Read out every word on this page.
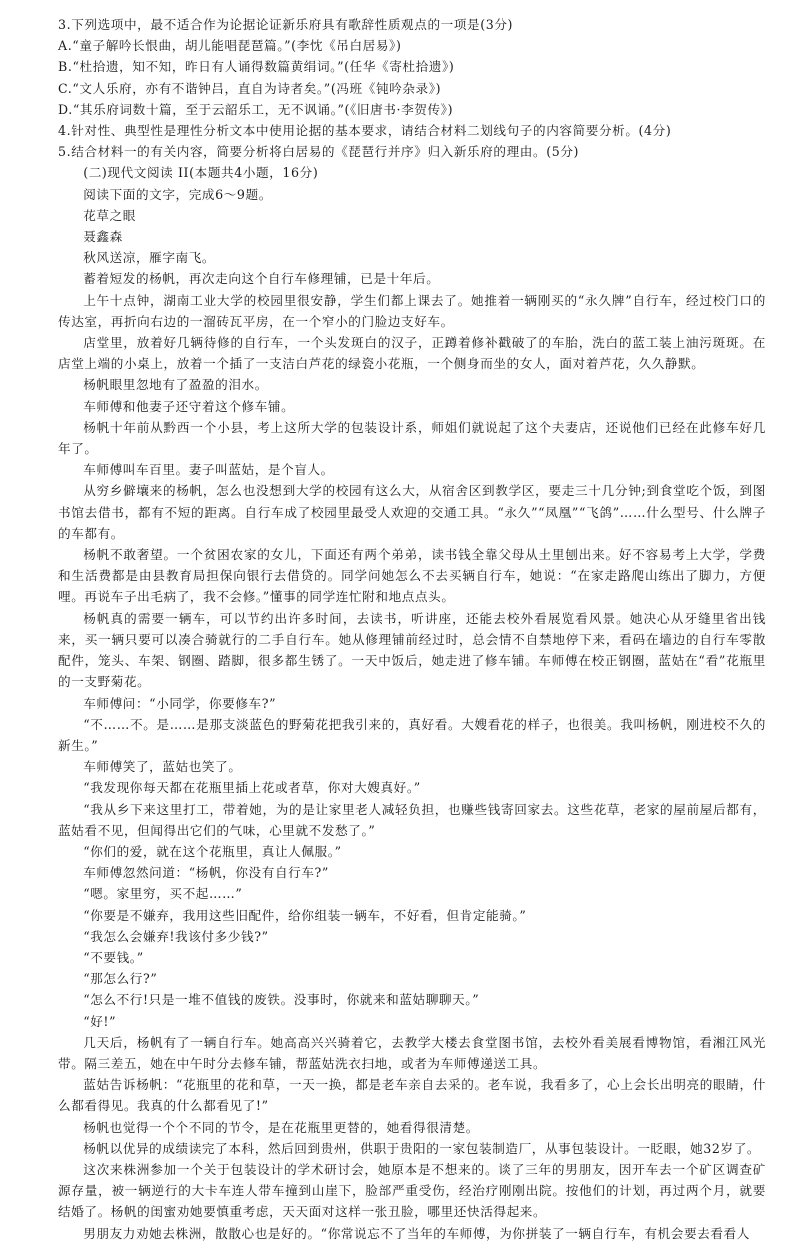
3.下列选项中，最不适合作为论据论证新乐府具有歌辞性质观点的一项是(3分)
A.“童子解吟长恨曲，胡儿能唱琵琶篇。”(李忱《吊白居易》)
B.“杜拾遗，知不知，昨日有人诵得数篇黄绢词。”(任华《寄杜拾遗》)
C.“文人乐府，亦有不谐钟吕，直自为诗者矣。”(冯班《钝吟杂录》)
D.“其乐府词数十篇，至于云韶乐工，无不讽诵。”(《旧唐书·李贺传》)
4.针对性、典型性是理性分析文本中使用论据的基本要求，请结合材料二划线句子的内容简要分析。(4分)
5.结合材料一的有关内容，简要分析将白居易的《琵琶行并序》归入新乐府的理由。(5分)
(二)现代文阅读 II(本题共4小题，16分)
阅读下面的文字，完成6～9题。
花草之眼
聂鑫森
秋风送凉，雁字南飞。
蓄着短发的杨帆，再次走向这个自行车修理铺，已是十年后。
上午十点钟，湖南工业大学的校园里很安静，学生们都上课去了。她推着一辆刚买的“永久牌”自行车，经过校门口的传达室，再折向右边的一溜砖瓦平房，在一个窄小的门脸边支好车。
店堂里，放着好几辆待修的自行车，一个头发斑白的汉子，正蹲着修补戳破了的车胎，洗白的蓝工装上油污斑斑。在店堂上端的小桌上，放着一个插了一支洁白芦花的绿瓷小花瓶，一个侧身而坐的女人，面对着芦花，久久静默。
杨帆眼里忽地有了盈盈的泪水。
车师傅和他妻子还守着这个修车铺。
杨帆十年前从黔西一个小县，考上这所大学的包装设计系，师姐们就说起了这个夫妻店，还说他们已经在此修车好几年了。
车师傅叫车百里。妻子叫蓝姑，是个盲人。
从穷乡僻壤来的杨帆，怎么也没想到大学的校园有这么大，从宿舍区到教学区，要走三十几分钟;到食堂吃个饭，到图书馆去借书，都有不短的距离。自行车成了校园里最受人欢迎的交通工具。“永久”“凤凰”“飞鸽”……什么型号、什么牌子的车都有。
杨帆不敢奢望。一个贫困农家的女儿，下面还有两个弟弟，读书钱全靠父母从土里刨出来。好不容易考上大学，学费和生活费都是由县教育局担保向银行去借贷的。同学问她怎么不去买辆自行车，她说：“在家走路爬山练出了脚力，方便哩。再说车子出毛病了，我不会修。”懂事的同学连忙附和地点点头。
杨帆真的需要一辆车，可以节约出许多时间，去读书，听讲座，还能去校外看展览看风景。她决心从牙缝里省出钱来，买一辆只要可以凑合骑就行的二手自行车。她从修理铺前经过时，总会情不自禁地停下来，看码在墙边的自行车零散配件，笼头、车架、钢圈、踏脚，很多都生锈了。一天中饭后，她走进了修车铺。车师傅在校正钢圈，蓝姑在“看”花瓶里的一支野菊花。
车师傅问：“小同学，你要修车?”
“不……不。是……是那支淡蓝色的野菊花把我引来的，真好看。大嫂看花的样子，也很美。我叫杨帆，刚进校不久的新生。”
车师傅笑了，蓝姑也笑了。
“我发现你每天都在花瓶里插上花或者草，你对大嫂真好。”
“我从乡下来这里打工，带着她，为的是让家里老人减轻负担，也赚些钱寄回家去。这些花草，老家的屋前屋后都有，蓝姑看不见，但闻得出它们的气味，心里就不发愁了。”
“你们的爱，就在这个花瓶里，真让人佩服。”
车师傅忽然问道：“杨帆，你没有自行车?”
“嗯。家里穷，买不起……”
“你要是不嫌弃，我用这些旧配件，给你组装一辆车，不好看，但肯定能骑。”
“我怎么会嫌弃!我该付多少钱?”
“不要钱。”
“那怎么行?”
“怎么不行!只是一堆不值钱的废铁。没事时，你就来和蓝姑聊聊天。”
“好!”
几天后，杨帆有了一辆自行车。她高高兴兴骑着它，去教学大楼去食堂图书馆，去校外看美展看博物馆，看湘江风光带。隔三差五，她在中午时分去修车铺，帮蓝姑洗衣扫地，或者为车师傅递送工具。
蓝姑告诉杨帆：“花瓶里的花和草，一天一换，都是老车亲自去采的。老车说，我看多了，心上会长出明亮的眼睛，什么都看得见。我真的什么都看见了!”
杨帆也觉得一个个不同的节令，是在花瓶里更替的，她看得很清楚。
杨帆以优异的成绩读完了本科，然后回到贵州，供职于贵阳的一家包装制造厂，从事包装设计。一眨眼，她32岁了。
这次来株洲参加一个关于包装设计的学术研讨会，她原本是不想来的。谈了三年的男朋友，因开车去一个矿区调查矿源存量，被一辆逆行的大卡车连人带车撞到山崖下，脸部严重受伤，经治疗刚刚出院。按他们的计划，再过两个月，就要结婚了。杨帆的闺蜜劝她要慎重考虑，天天面对这样一张丑脸，哪里还快活得起来。
男朋友力劝她去株洲，散散心也是好的。“你常说忘不了当年的车师傅，为你拼装了一辆自行车，有机会要去看看人
